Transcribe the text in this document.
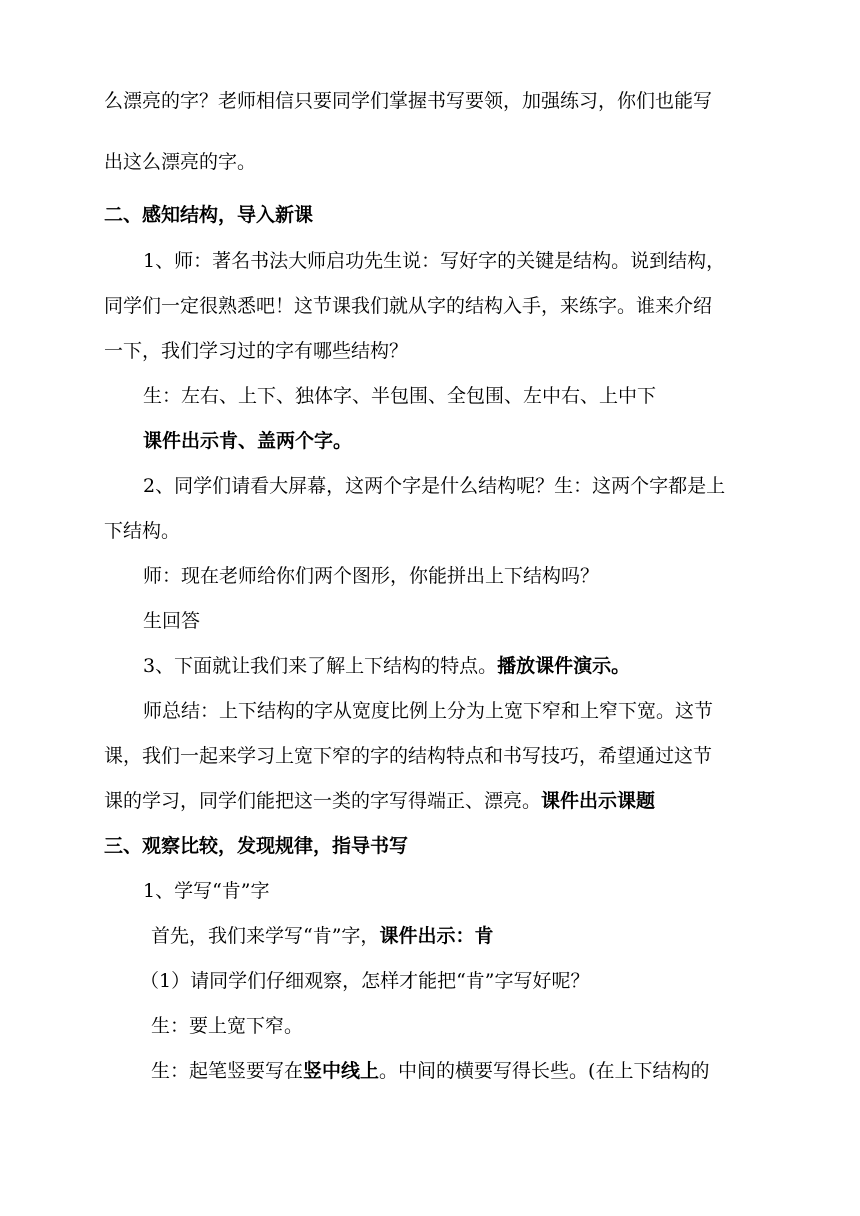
么漂亮的字？老师相信只要同学们掌握书写要领，加强练习，你们也能写
出这么漂亮的字。
二、感知结构，导入新课
1、师：著名书法大师启功先生说：写好字的关键是结构。说到结构，
同学们一定很熟悉吧！这节课我们就从字的结构入手，来练字。谁来介绍
一下，我们学习过的字有哪些结构？
生：左右、上下、独体字、半包围、全包围、左中右、上中下
课件出示肯、盖两个字。
2、同学们请看大屏幕，这两个字是什么结构呢？生：这两个字都是上
下结构。
师：现在老师给你们两个图形，你能拼出上下结构吗？
生回答
3、下面就让我们来了解上下结构的特点。播放课件演示。
师总结：上下结构的字从宽度比例上分为上宽下窄和上窄下宽。这节
课，我们一起来学习上宽下窄的字的结构特点和书写技巧，希望通过这节
课的学习，同学们能把这一类的字写得端正、漂亮。课件出示课题
三、观察比较，发现规律，指导书写
1、学写“肯”字
首先，我们来学写“肯”字，课件出示：肯
（1）请同学们仔细观察，怎样才能把“肯”字写好呢？
生：要上宽下窄。
生：起笔竖要写在竖中线上。中间的横要写得长些。(在上下结构的
